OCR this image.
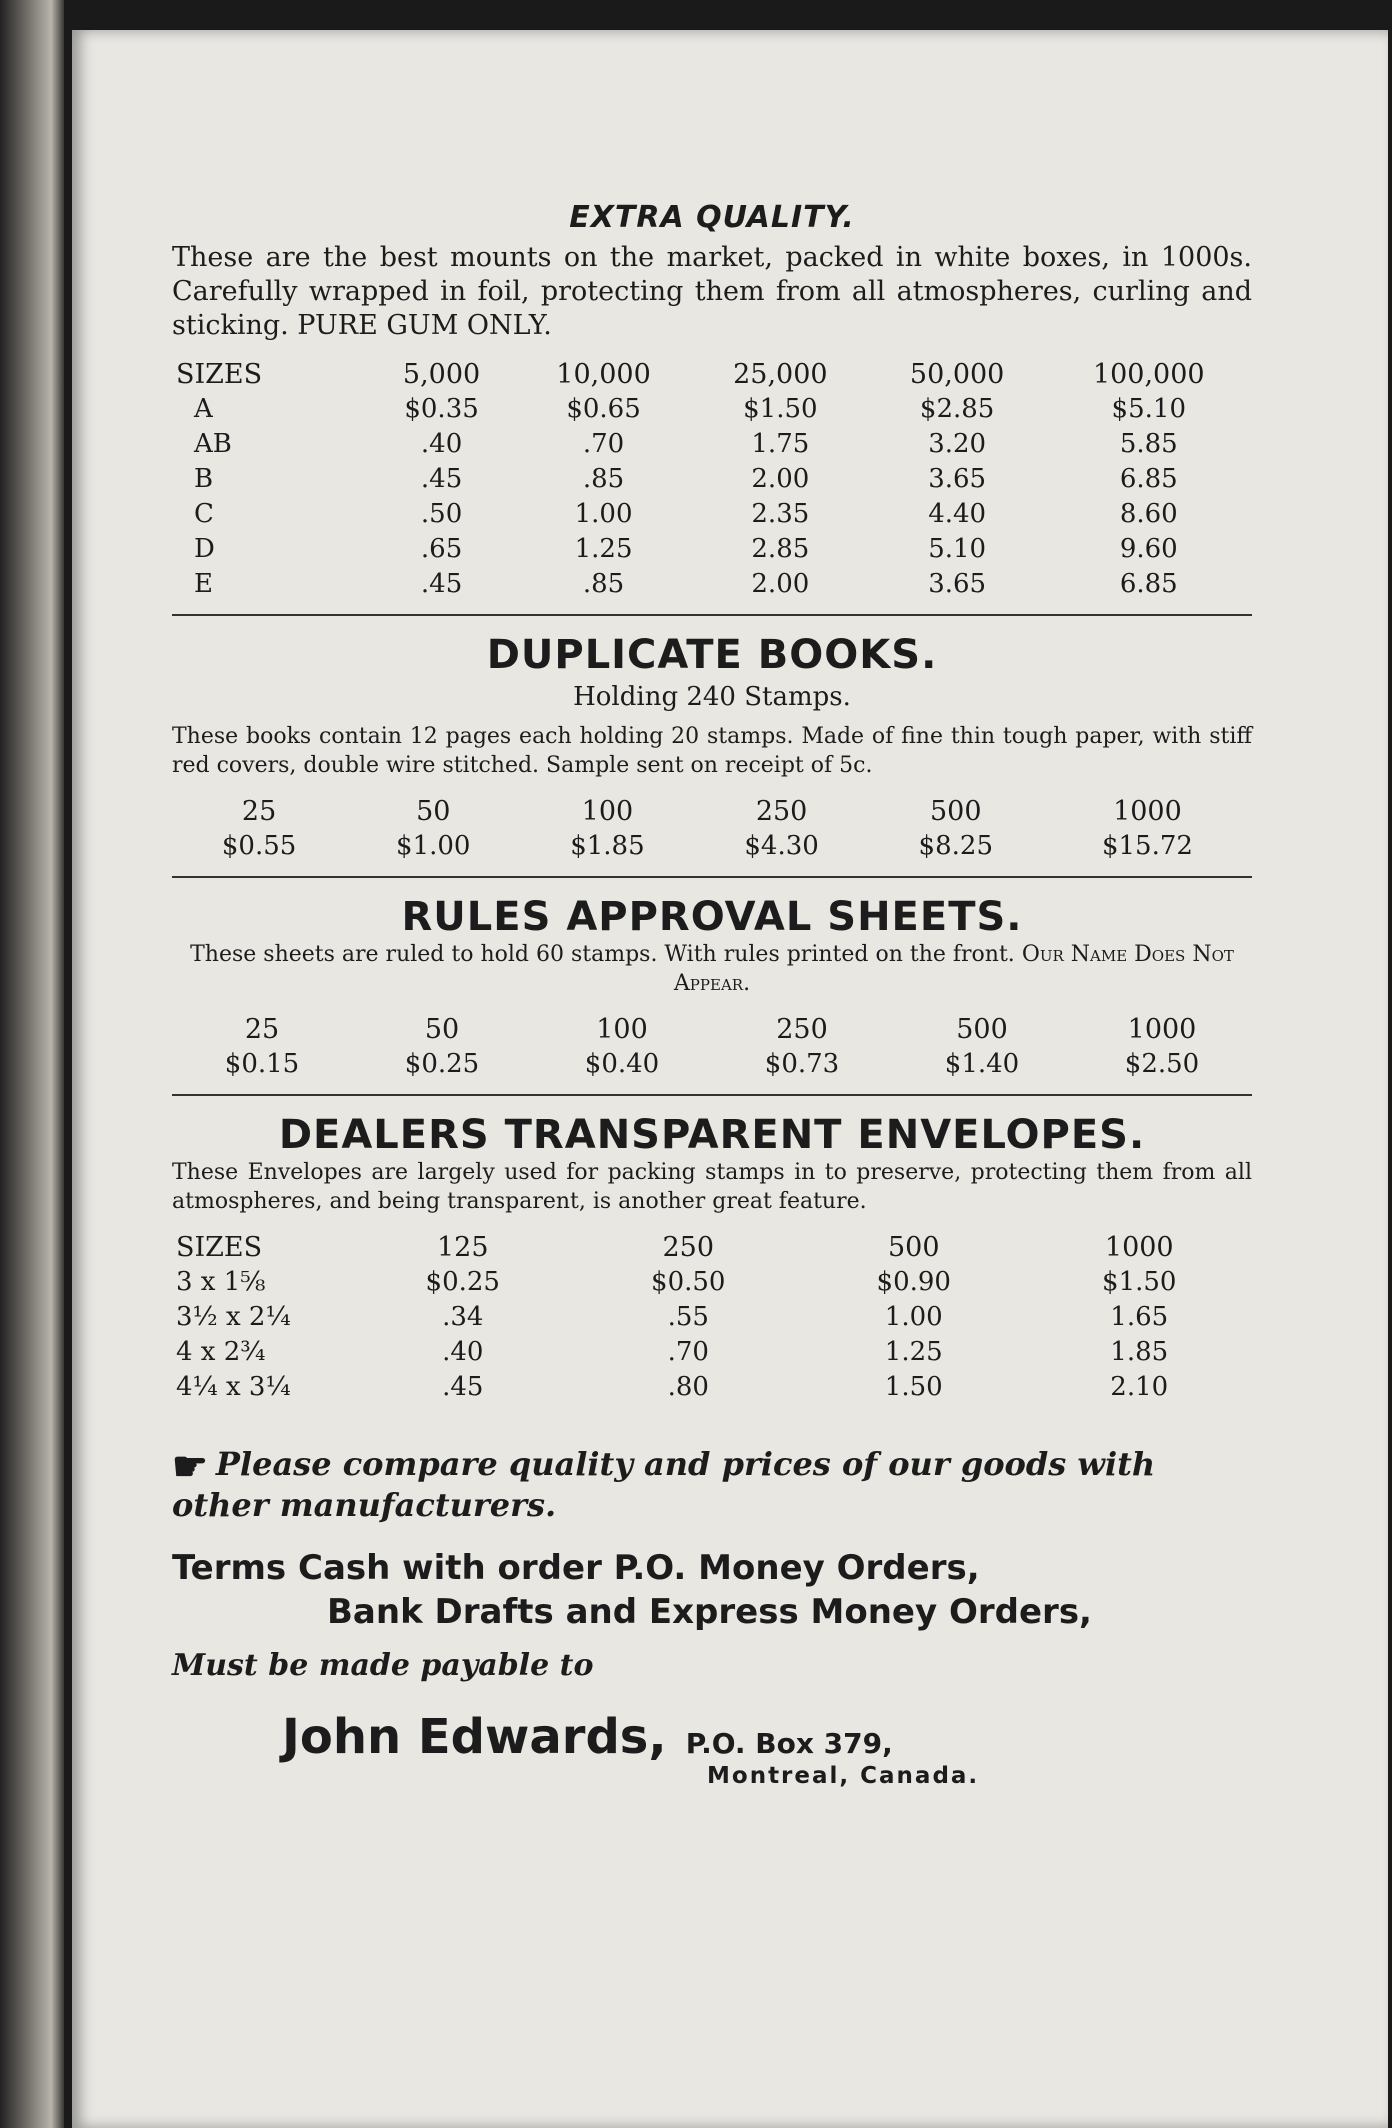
EXTRA QUALITY.
These are the best mounts on the market, packed in white boxes, in 1000s. Carefully wrapped in foil, protecting them from all atmospheres, curling and sticking. PURE GUM ONLY.
SIZES	5,000	10,000	25,000	50,000	100,000
A	$0.35	$0.65	$1.50	$2.85	$5.10
AB	.40	.70	1.75	3.20	5.85
B	.45	.85	2.00	3.65	6.85
C	.50	1.00	2.35	4.40	8.60
D	.65	1.25	2.85	5.10	9.60
E	.45	.85	2.00	3.65	6.85
DUPLICATE BOOKS.
Holding 240 Stamps.
These books contain 12 pages each holding 20 stamps. Made of fine thin tough paper, with stiff red covers, double wire stitched. Sample sent on receipt of 5c.
25	50	100	250	500	1000
$0.55	$1.00	$1.85	$4.30	$8.25	$15.72
RULES APPROVAL SHEETS.
These sheets are ruled to hold 60 stamps. With rules printed on the front. Our Name Does Not Appear.
25	50	100	250	500	1000
$0.15	$0.25	$0.40	$0.73	$1.40	$2.50
DEALERS TRANSPARENT ENVELOPES.
These Envelopes are largely used for packing stamps in to preserve, protecting them from all atmospheres, and being transparent, is another great feature.
SIZES	125	250	500	1000
3 x 1⅝	$0.25	$0.50	$0.90	$1.50
3½ x 2¼	.34	.55	1.00	1.65
4 x 2¾	.40	.70	1.25	1.85
4¼ x 3¼	.45	.80	1.50	2.10
☛ Please compare quality and prices of our goods with other manufacturers.
Terms Cash with order P.O. Money Orders,
Bank Drafts and Express Money Orders,
Must be made payable to
John Edwards, P.O. Box 379,
Montreal, Canada.
